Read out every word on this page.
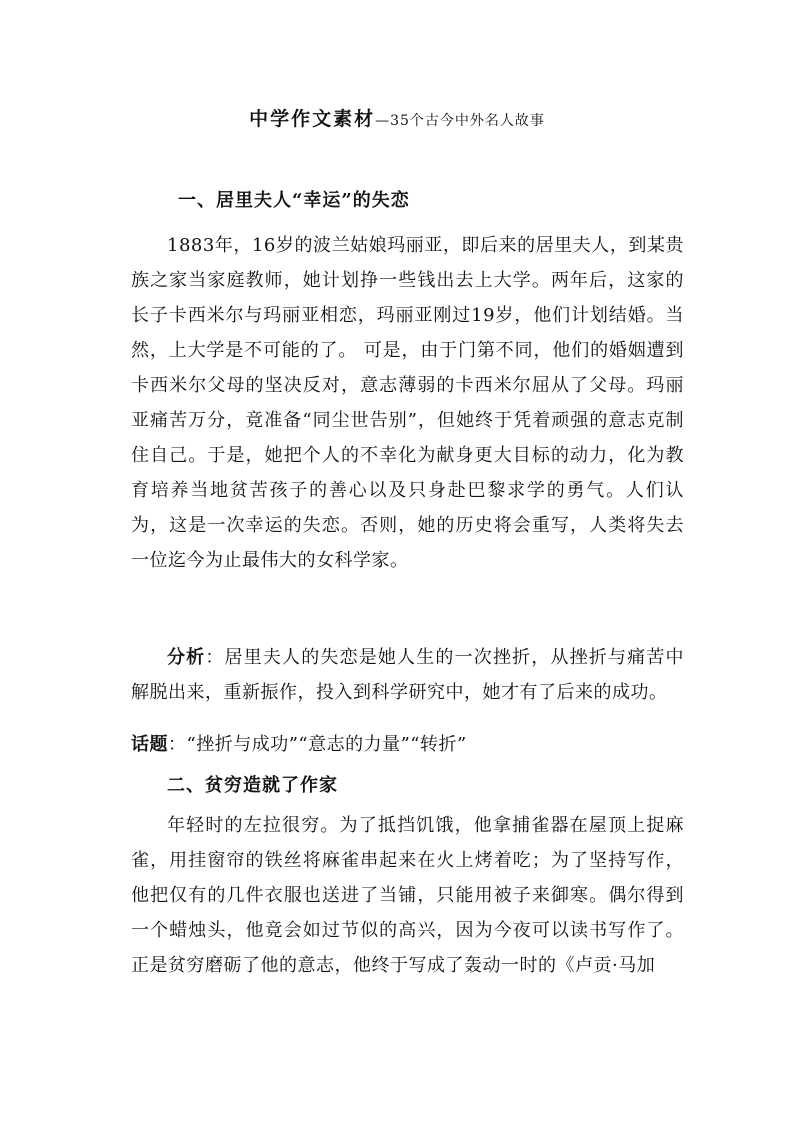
中学作文素材—35个古今中外名人故事
一、居里夫人“幸运”的失恋

1883年，16岁的波兰姑娘玛丽亚，即后来的居里夫人，到某贵族之家当家庭教师，她计划挣一些钱出去上大学。两年后，这家的长子卡西米尔与玛丽亚相恋，玛丽亚刚过19岁，他们计划结婚。当然，上大学是不可能的了。 可是，由于门第不同，他们的婚姻遭到卡西米尔父母的坚决反对，意志薄弱的卡西米尔屈从了父母。玛丽亚痛苦万分，竟准备“同尘世告别”，但她终于凭着顽强的意志克制住自己。于是，她把个人的不幸化为献身更大目标的动力，化为教育培养当地贫苦孩子的善心以及只身赴巴黎求学的勇气。人们认为，这是一次幸运的失恋。否则，她的历史将会重写，人类将失去一位迄今为止最伟大的女科学家。

分析：居里夫人的失恋是她人生的一次挫折，从挫折与痛苦中解脱出来，重新振作，投入到科学研究中，她才有了后来的成功。

话题：“挫折与成功”“意志的力量”“转折”
二、贫穷造就了作家

年轻时的左拉很穷。为了抵挡饥饿，他拿捕雀器在屋顶上捉麻雀，用挂窗帘的铁丝将麻雀串起来在火上烤着吃；为了坚持写作，他把仅有的几件衣服也送进了当铺，只能用被子来御寒。偶尔得到一个蜡烛头，他竟会如过节似的高兴，因为今夜可以读书写作了。正是贫穷磨砺了他的意志，他终于写成了轰动一时的《卢贡·马加
